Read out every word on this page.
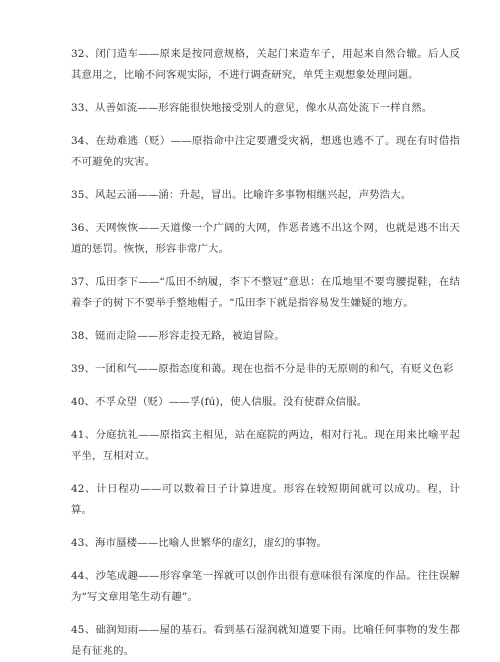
32、闭门造车——原来是按同意规格，关起门来造车子，用起来自然合辙。后人反其意用之，比喻不问客观实际，不进行调查研究，单凭主观想象处理问题。

33、从善如流——形容能很快地接受别人的意见，像水从高处流下一样自然。

34、在劫难逃（贬）——原指命中注定要遭受灾祸，想逃也逃不了。现在有时借指不可避免的灾害。

35、风起云涌——涌：升起，冒出。比喻许多事物相继兴起，声势浩大。

36、天网恢恢——天道像一个广阔的大网，作恶者逃不出这个网，也就是逃不出天道的惩罚。恢恢，形容非常广大。

37、瓜田李下——“瓜田不纳履，李下不整冠”意思：在瓜地里不要弯腰提鞋，在结着李子的树下不要举手整地帽子。“瓜田李下就是指容易发生嫌疑的地方。

38、铤而走险——形容走投无路，被迫冒险。

39、一团和气——原指态度和蔼。现在也指不分是非的无原则的和气，有贬义色彩

40、不孚众望（贬）——孚(fú)，使人信服。没有使群众信服。

41、分庭抗礼——原指宾主相见，站在庭院的两边，相对行礼。现在用来比喻平起平坐，互相对立。

42、计日程功——可以数着日子计算进度。形容在较短期间就可以成功。程，计算。

43、海市蜃楼——比喻人世繁华的虚幻，虚幻的事物。

44、沙笔成趣——形容拿笔一挥就可以创作出很有意味很有深度的作品。往往误解为“写文章用笔生动有趣”。

45、础润知雨——屋的基石。看到基石湿润就知道要下雨。比喻任何事物的发生都是有征兆的。
